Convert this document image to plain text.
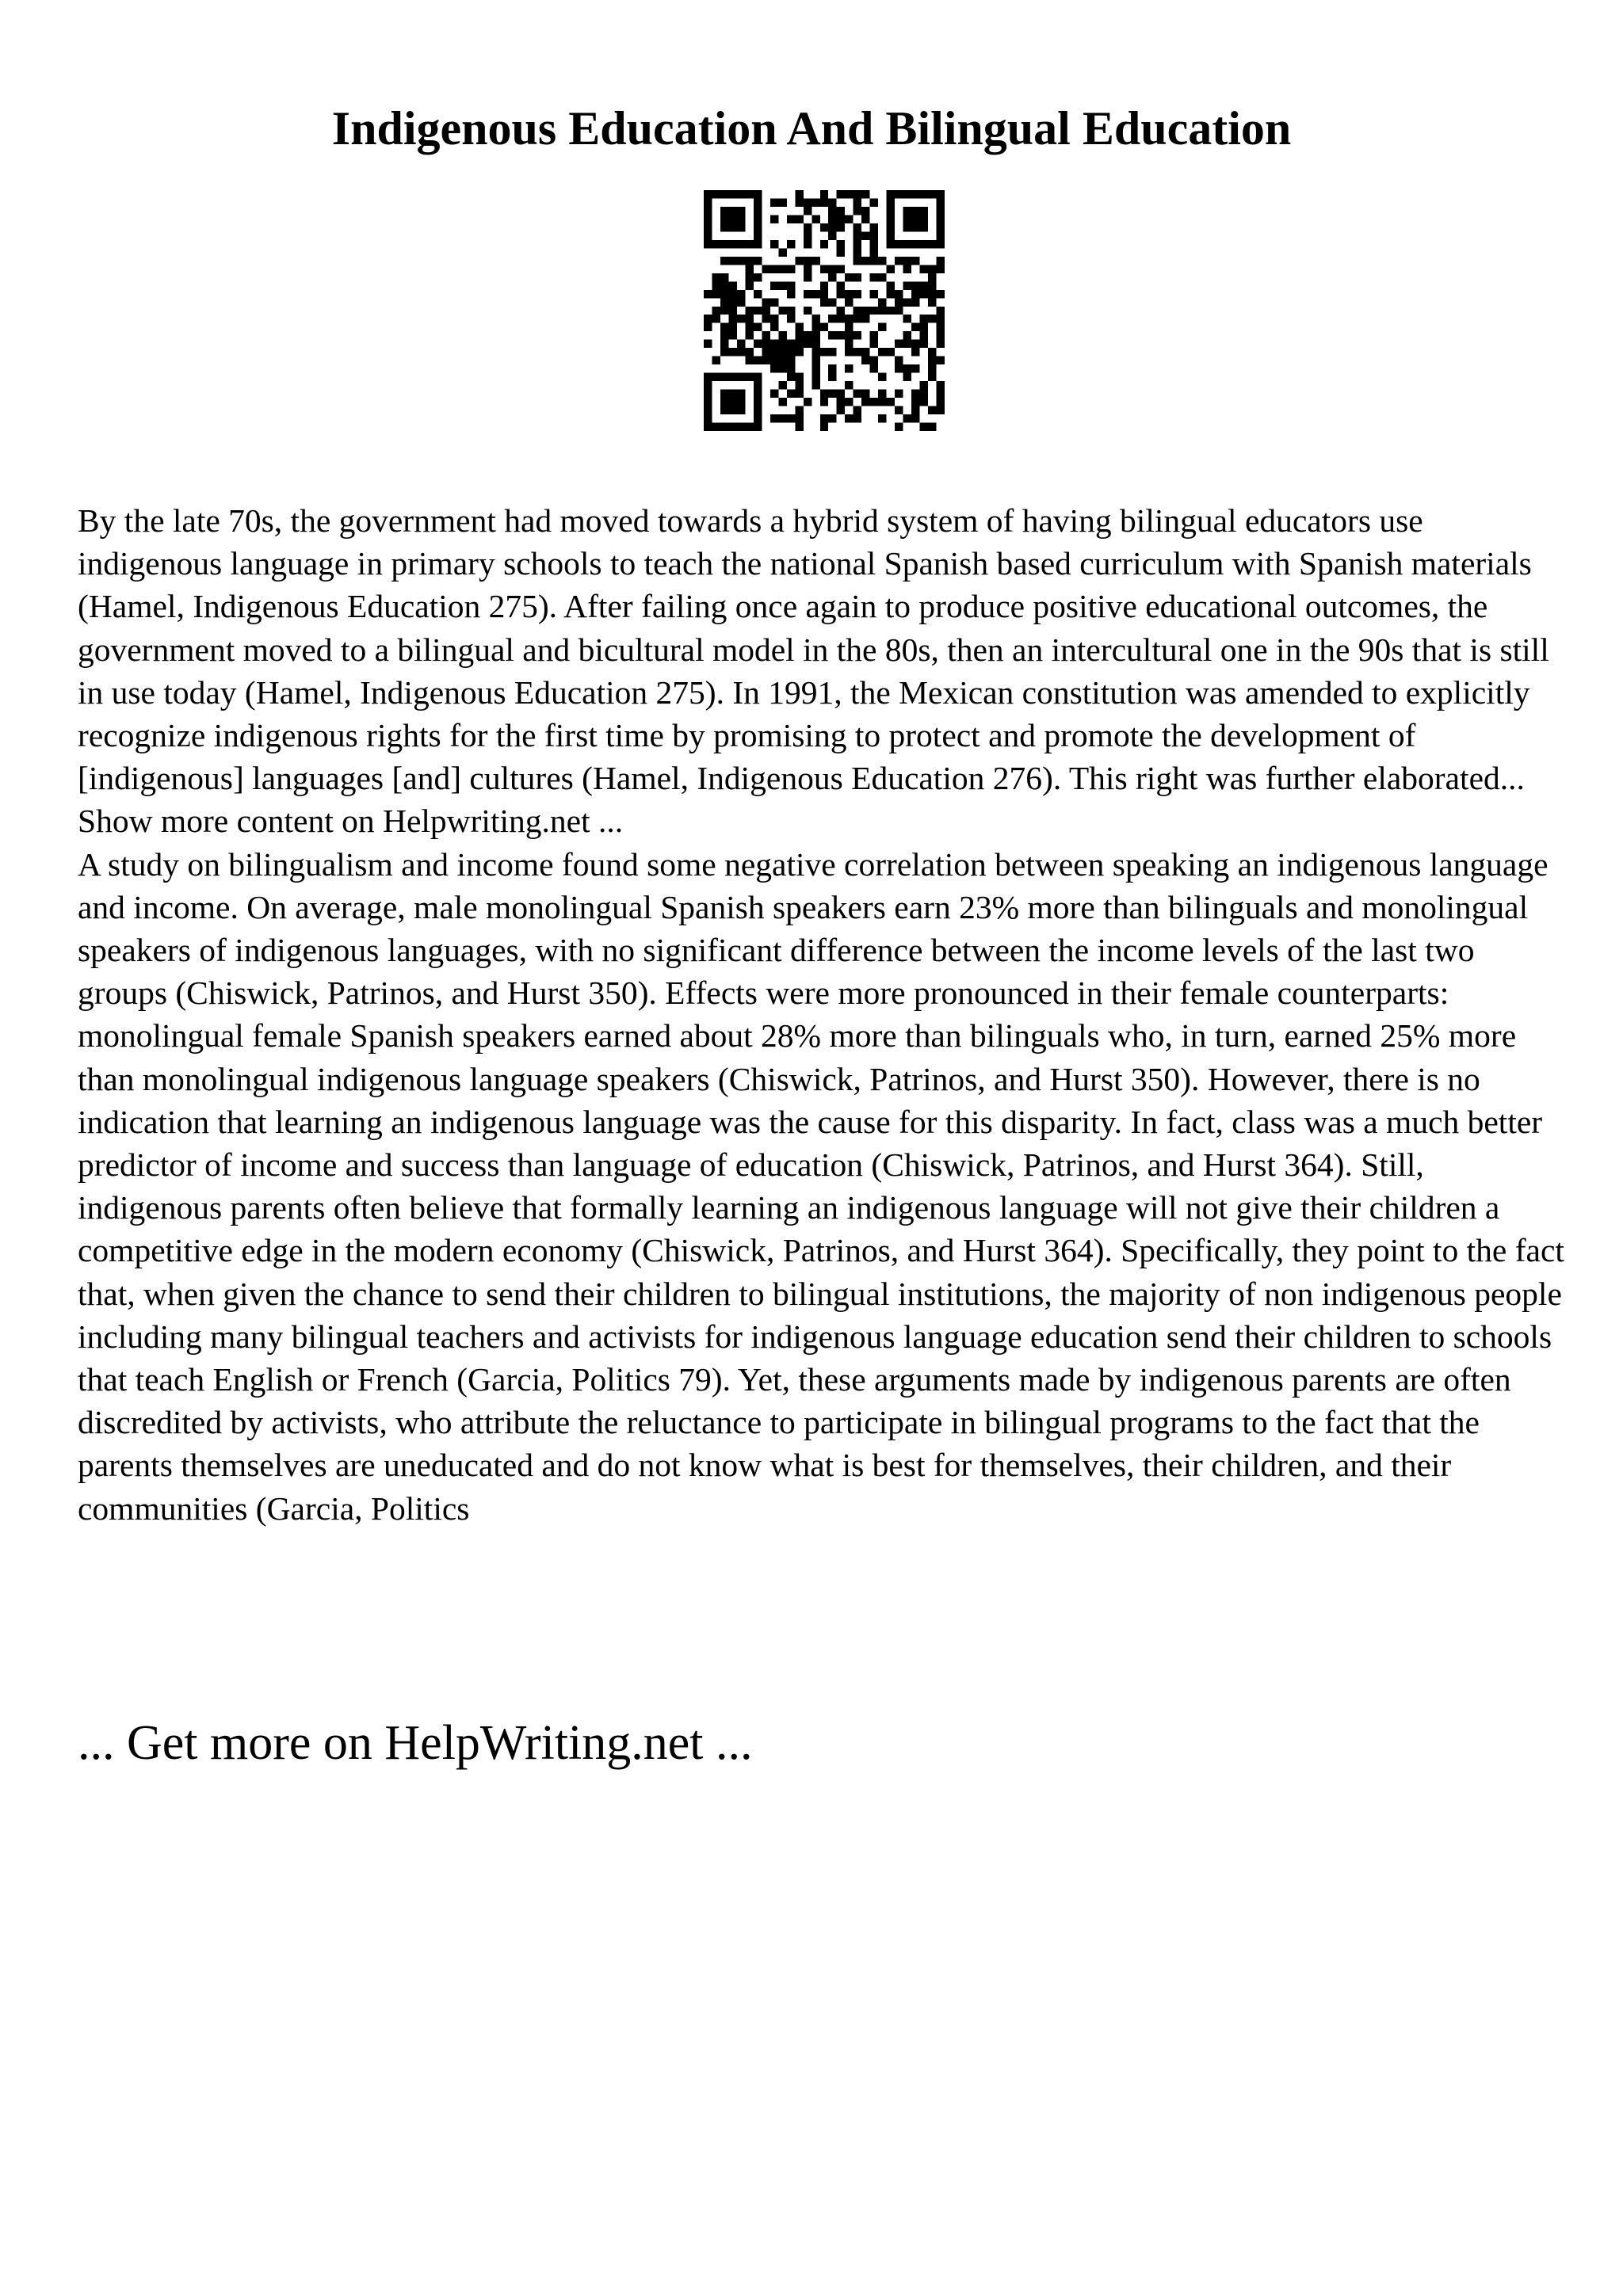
Indigenous Education And Bilingual Education

By the late 70s, the government had moved towards a hybrid system of having bilingual educators use indigenous language in primary schools to teach the national Spanish based curriculum with Spanish materials (Hamel, Indigenous Education 275). After failing once again to produce positive educational outcomes, the government moved to a bilingual and bicultural model in the 80s, then an intercultural one in the 90s that is still in use today (Hamel, Indigenous Education 275). In 1991, the Mexican constitution was amended to explicitly recognize indigenous rights for the first time by promising to protect and promote the development of [indigenous] languages [and] cultures (Hamel, Indigenous Education 276). This right was further elaborated... Show more content on Helpwriting.net ...

A study on bilingualism and income found some negative correlation between speaking an indigenous language and income. On average, male monolingual Spanish speakers earn 23% more than bilinguals and monolingual speakers of indigenous languages, with no significant difference between the income levels of the last two groups (Chiswick, Patrinos, and Hurst 350). Effects were more pronounced in their female counterparts: monolingual female Spanish speakers earned about 28% more than bilinguals who, in turn, earned 25% more than monolingual indigenous language speakers (Chiswick, Patrinos, and Hurst 350). However, there is no indication that learning an indigenous language was the cause for this disparity. In fact, class was a much better predictor of income and success than language of education (Chiswick, Patrinos, and Hurst 364). Still, indigenous parents often believe that formally learning an indigenous language will not give their children a competitive edge in the modern economy (Chiswick, Patrinos, and Hurst 364). Specifically, they point to the fact that, when given the chance to send their children to bilingual institutions, the majority of non indigenous people including many bilingual teachers and activists for indigenous language education send their children to schools that teach English or French (Garcia, Politics 79). Yet, these arguments made by indigenous parents are often discredited by activists, who attribute the reluctance to participate in bilingual programs to the fact that the parents themselves are uneducated and do not know what is best for themselves, their children, and their communities (Garcia, Politics

... Get more on HelpWriting.net ...
